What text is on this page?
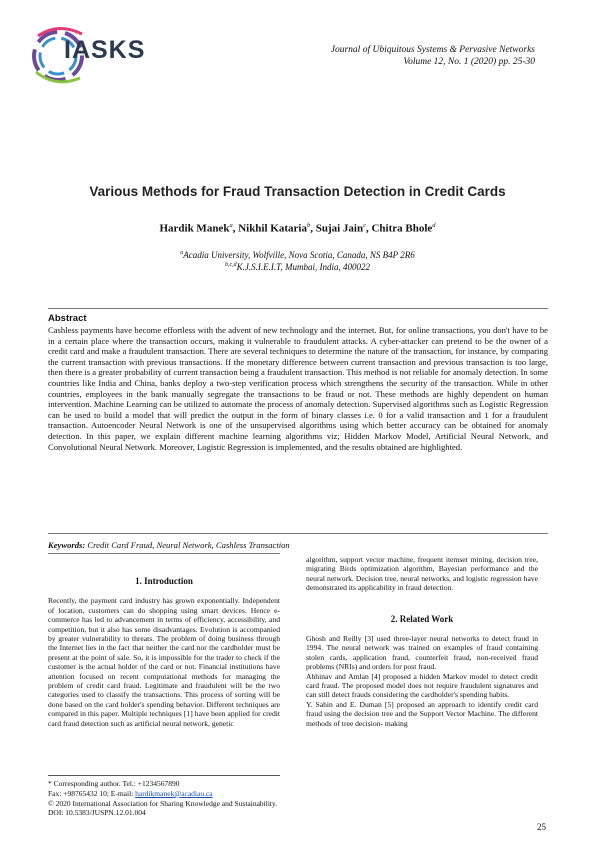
IASKS	Journal of Ubiquitous Systems & Pervasive Networks
Volume 12, No. 1 (2020) pp. 25-30
Various Methods for Fraud Transaction Detection in Credit Cards
Hardik Manek$^a$, Nikhil Kataria$^b$, Sujai Jain$^c$, Chitra Bhole$^d$
$^a$Acadia University, Wolfville, Nova Scotia, Canada, NS B4P 2R6
$^{b,c,d}$K.J.S.I.E.I.T, Mumbai, India, 400022
Abstract
Cashless payments have become effortless with the advent of new technology and the internet. But, for online transactions, you don't have to be in a certain place where the transaction occurs, making it vulnerable to fraudulent attacks. A cyber-attacker can pretend to be the owner of a credit card and make a fraudulent transaction. There are several techniques to determine the nature of the transaction, for instance, by comparing the current transaction with previous transactions. If the monetary difference between current transaction and previous transaction is too large, then there is a greater probability of current transaction being a fraudulent transaction. This method is not reliable for anomaly detection. In some countries like India and China, banks deploy a two-step verification process which strengthens the security of the transaction. While in other countries, employees in the bank manually segregate the transactions to be fraud or not. These methods are highly dependent on human intervention. Machine Learning can be utilized to automate the process of anomaly detection. Supervised algorithms such as Logistic Regression can be used to build a model that will predict the output in the form of binary classes i.e. 0 for a valid transaction and 1 for a fraudulent transaction. Autoencoder Neural Network is one of the unsupervised algorithms using which better accuracy can be obtained for anomaly detection. In this paper, we explain different machine learning algorithms viz; Hidden Markov Model, Artificial Neural Network, and Convolutional Neural Network. Moreover, Logistic Regression is implemented, and the results obtained are highlighted.
Keywords: Credit Card Fraud, Neural Network, Cashless Transaction
1. Introduction

Recently, the payment card industry has grown exponentially. Independent of location, customers can do shopping using smart devices. Hence e-commerce has led to advancement in terms of efficiency, accessibility, and competition, but it also has some disadvantages. Evolution is accompanied by greater vulnerability to threats. The problem of doing business through the Internet lies in the fact that neither the card nor the cardholder must be present at the point of sale. So, it is impossible for the trader to check if the customer is the actual holder of the card or not. Financial institutions have attention focused on recent computational methods for managing the problem of credit card fraud. Legitimate and fraudulent will be the two categories used to classify the transactions. This process of sorting will be done based on the card holder's spending behavior. Different techniques are compared in this paper. Multiple techniques [1] have been applied for credit card fraud detection such as artificial neural network, genetic

algorithm, support vector machine, frequent itemset mining, decision tree, migrating Birds optimization algorithm, Bayesian performance and the neural network. Decision tree, neural networks, and logistic regression have demonstrated its applicability in fraud detection.

2. Related Work

Ghosh and Reilly [3] used three-layer neural networks to detect fraud in 1994. The neural network was trained on examples of fraud containing stolen cards, application fraud, counterfeit fraud, non-received fraud problems (NRIs) and orders for post fraud.

Abhinav and Amlan [4] proposed a hidden Markov model to detect credit card fraud. The proposed model does not require fraudulent signatures and can still detect frauds considering the cardholder's spending habits.

Y. Sahin and E. Duman [5] proposed an approach to identify credit card fraud using the decision tree and the Support Vector Machine. The different methods of tree decision- making

* Corresponding author. Tel.: +1234567890
Fax: +98765432 10; E-mail: hardikmanek@acadiau.ca
© 2020 International Association for Sharing Knowledge and Sustainability.
DOI: 10.5383/JUSPN.12.01.004
25
